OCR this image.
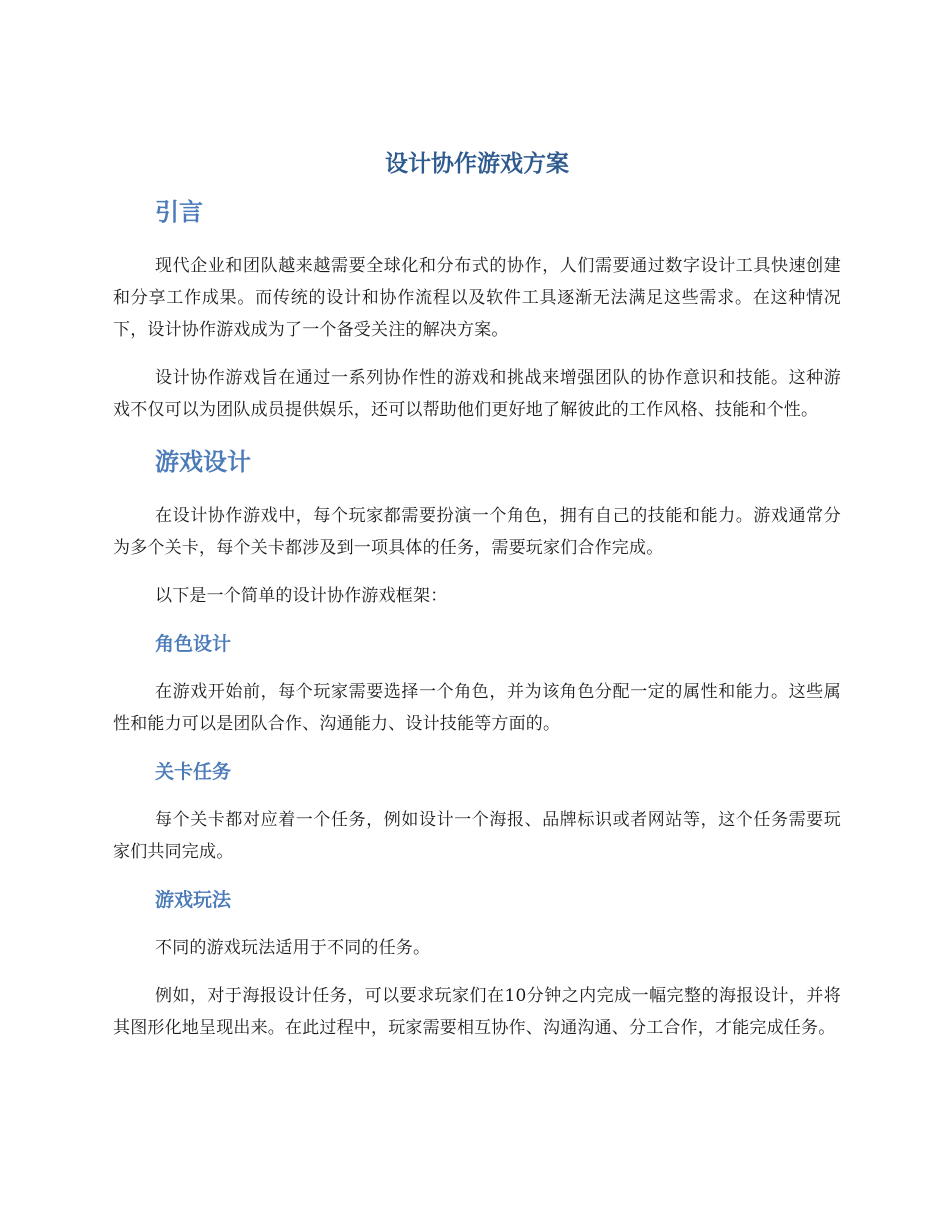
设计协作游戏方案
引言

现代企业和团队越来越需要全球化和分布式的协作，人们需要通过数字设计工具快速创建和分享工作成果。而传统的设计和协作流程以及软件工具逐渐无法满足这些需求。在这种情况下，设计协作游戏成为了一个备受关注的解决方案。

设计协作游戏旨在通过一系列协作性的游戏和挑战来增强团队的协作意识和技能。这种游戏不仅可以为团队成员提供娱乐，还可以帮助他们更好地了解彼此的工作风格、技能和个性。

游戏设计

在设计协作游戏中，每个玩家都需要扮演一个角色，拥有自己的技能和能力。游戏通常分为多个关卡，每个关卡都涉及到一项具体的任务，需要玩家们合作完成。

以下是一个简单的设计协作游戏框架：

角色设计

在游戏开始前，每个玩家需要选择一个角色，并为该角色分配一定的属性和能力。这些属性和能力可以是团队合作、沟通能力、设计技能等方面的。

关卡任务

每个关卡都对应着一个任务，例如设计一个海报、品牌标识或者网站等，这个任务需要玩家们共同完成。

游戏玩法

不同的游戏玩法适用于不同的任务。

例如，对于海报设计任务，可以要求玩家们在10分钟之内完成一幅完整的海报设计，并将其图形化地呈现出来。在此过程中，玩家需要相互协作、沟通沟通、分工合作，才能完成任务。
